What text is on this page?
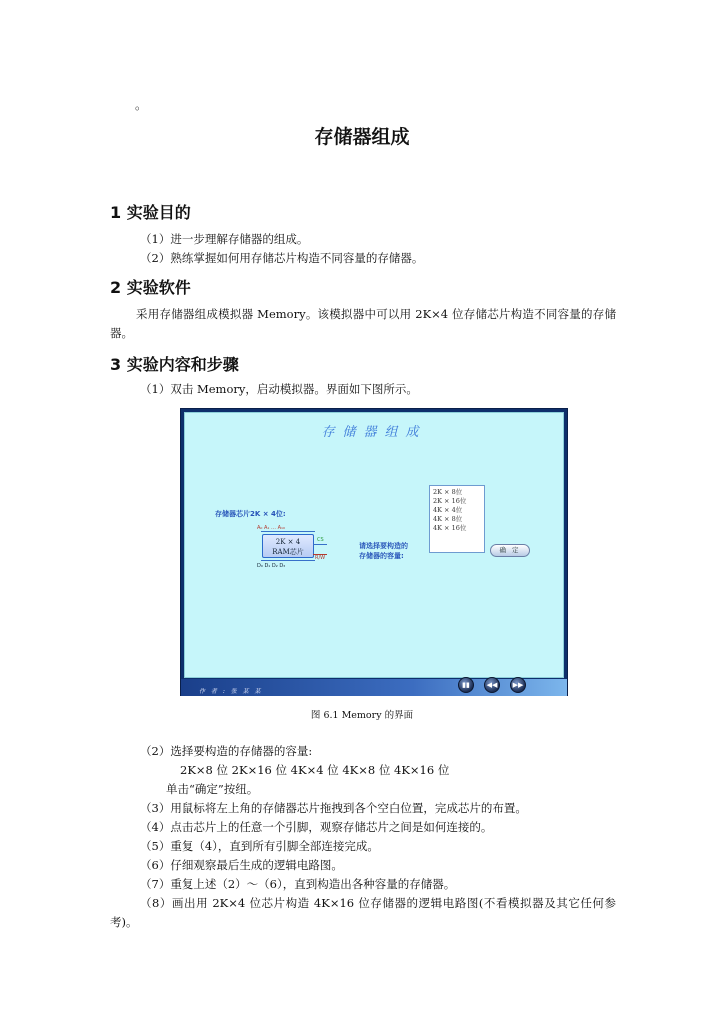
。
存储器组成
1 实验目的
（1）进一步理解存储器的组成。
（2）熟练掌握如何用存储芯片构造不同容量的存储器。
2 实验软件
采用存储器组成模拟器 Memory。该模拟器中可以用 2K×4 位存储芯片构造不同容量的存储器。
3 实验内容和步骤
（1）双击 Memory，启动模拟器。界面如下图所示。
存储器组成
存储器芯片2K × 4位:
A₀ A₁ … A₁₀
2K × 4
RAM芯片
CS
R/W
D₀ D₁ D₂ D₃
请选择要构造的
存储器的容量:
2K × 8位
2K × 16位
4K × 4位
4K × 8位
4K × 16位
确 定
作 者 : 张 某 某
▮▮	◀◀	▶▶
图 6.1 Memory 的界面
（2）选择要构造的存储器的容量:
2K×8 位 2K×16 位 4K×4 位 4K×8 位 4K×16 位
单击“确定”按纽。
（3）用鼠标将左上角的存储器芯片拖拽到各个空白位置，完成芯片的布置。
（4）点击芯片上的任意一个引脚，观察存储芯片之间是如何连接的。
（5）重复（4），直到所有引脚全部连接完成。
（6）仔细观察最后生成的逻辑电路图。
（7）重复上述（2）～（6），直到构造出各种容量的存储器。
（8）画出用 2K×4 位芯片构造 4K×16 位存储器的逻辑电路图(不看模拟器及其它任何参考)。
